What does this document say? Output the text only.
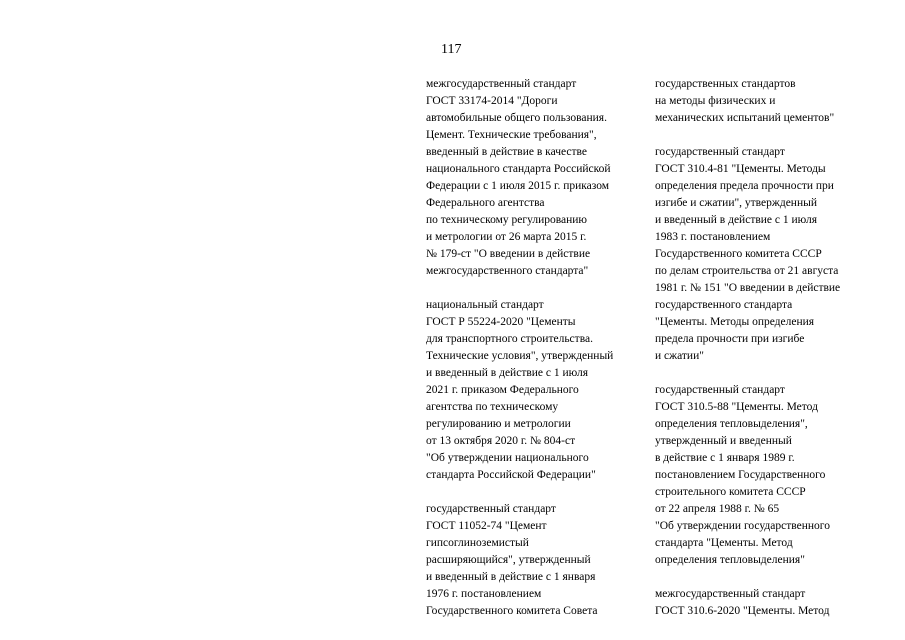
117
межгосударственный стандарт
ГОСТ 33174-2014 "Дороги
автомобильные общего пользования.
Цемент. Технические требования",
введенный в действие в качестве
национального стандарта Российской
Федерации с 1 июля 2015 г. приказом
Федерального агентства
по техническому регулированию
и метрологии от 26 марта 2015 г.
№ 179-ст "О введении в действие
межгосударственного стандарта"
национальный стандарт
ГОСТ Р 55224-2020 "Цементы
для транспортного строительства.
Технические условия", утвержденный
и введенный в действие с 1 июля
2021 г. приказом Федерального
агентства по техническому
регулированию и метрологии
от 13 октября 2020 г. № 804-ст
"Об утверждении национального
стандарта Российской Федерации"
государственный стандарт
ГОСТ 11052-74 "Цемент
гипсоглиноземистый
расширяющийся", утвержденный
и введенный в действие с 1 января
1976 г. постановлением
Государственного комитета Совета
государственных стандартов
на методы физических и
механических испытаний цементов"
государственный стандарт
ГОСТ 310.4-81 "Цементы. Методы
определения предела прочности при
изгибе и сжатии", утвержденный
и введенный в действие с 1 июля
1983 г. постановлением
Государственного комитета СССР
по делам строительства от 21 августа
1981 г. № 151 "О введении в действие
государственного стандарта
"Цементы. Методы определения
предела прочности при изгибе
и сжатии"
государственный стандарт
ГОСТ 310.5-88 "Цементы. Метод
определения тепловыделения",
утвержденный и введенный
в действие с 1 января 1989 г.
постановлением Государственного
строительного комитета СССР
от 22 апреля 1988 г. № 65
"Об утверждении государственного
стандарта "Цементы. Метод
определения тепловыделения"
межгосударственный стандарт
ГОСТ 310.6-2020 "Цементы. Метод
